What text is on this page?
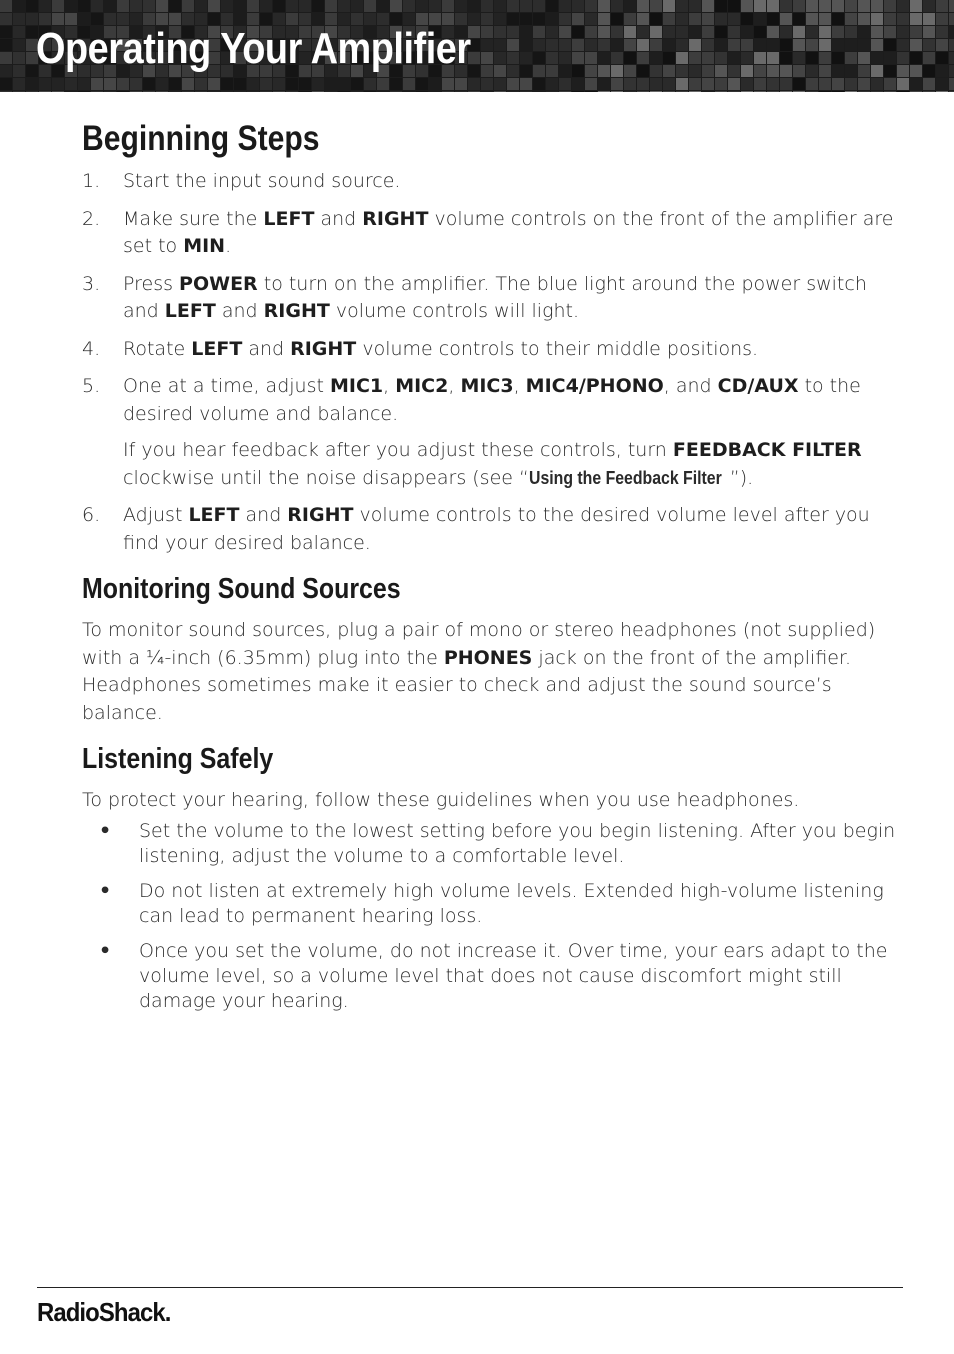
Operating Your Amplifier
Beginning Steps
1. Start the input sound source.
2. Make sure the LEFT and RIGHT volume controls on the front of the amplifier are set to MIN.
3. Press POWER to turn on the amplifier. The blue light around the power switch and LEFT and RIGHT volume controls will light.
4. Rotate LEFT and RIGHT volume controls to their middle positions.
5. One at a time, adjust MIC1, MIC2, MIC3, MIC4/PHONO, and CD/AUX to the desired volume and balance.

If you hear feedback after you adjust these controls, turn FEEDBACK FILTER clockwise until the noise disappears (see “Using the Feedback Filter ”).

6. Adjust LEFT and RIGHT volume controls to the desired volume level after you find your desired balance.
Monitoring Sound Sources

To monitor sound sources, plug a pair of mono or stereo headphones (not supplied) with a ¼-inch (6.35mm) plug into the PHONES jack on the front of the amplifier. Headphones sometimes make it easier to check and adjust the sound source’s balance.

Listening Safely

To protect your hearing, follow these guidelines when you use headphones.

• Set the volume to the lowest setting before you begin listening. After you begin listening, adjust the volume to a comfortable level.
• Do not listen at extremely high volume levels. Extended high-volume listening can lead to permanent hearing loss.
• Once you set the volume, do not increase it. Over time, your ears adapt to the volume level, so a volume level that does not cause discomfort might still damage your hearing.
RadioShack.
